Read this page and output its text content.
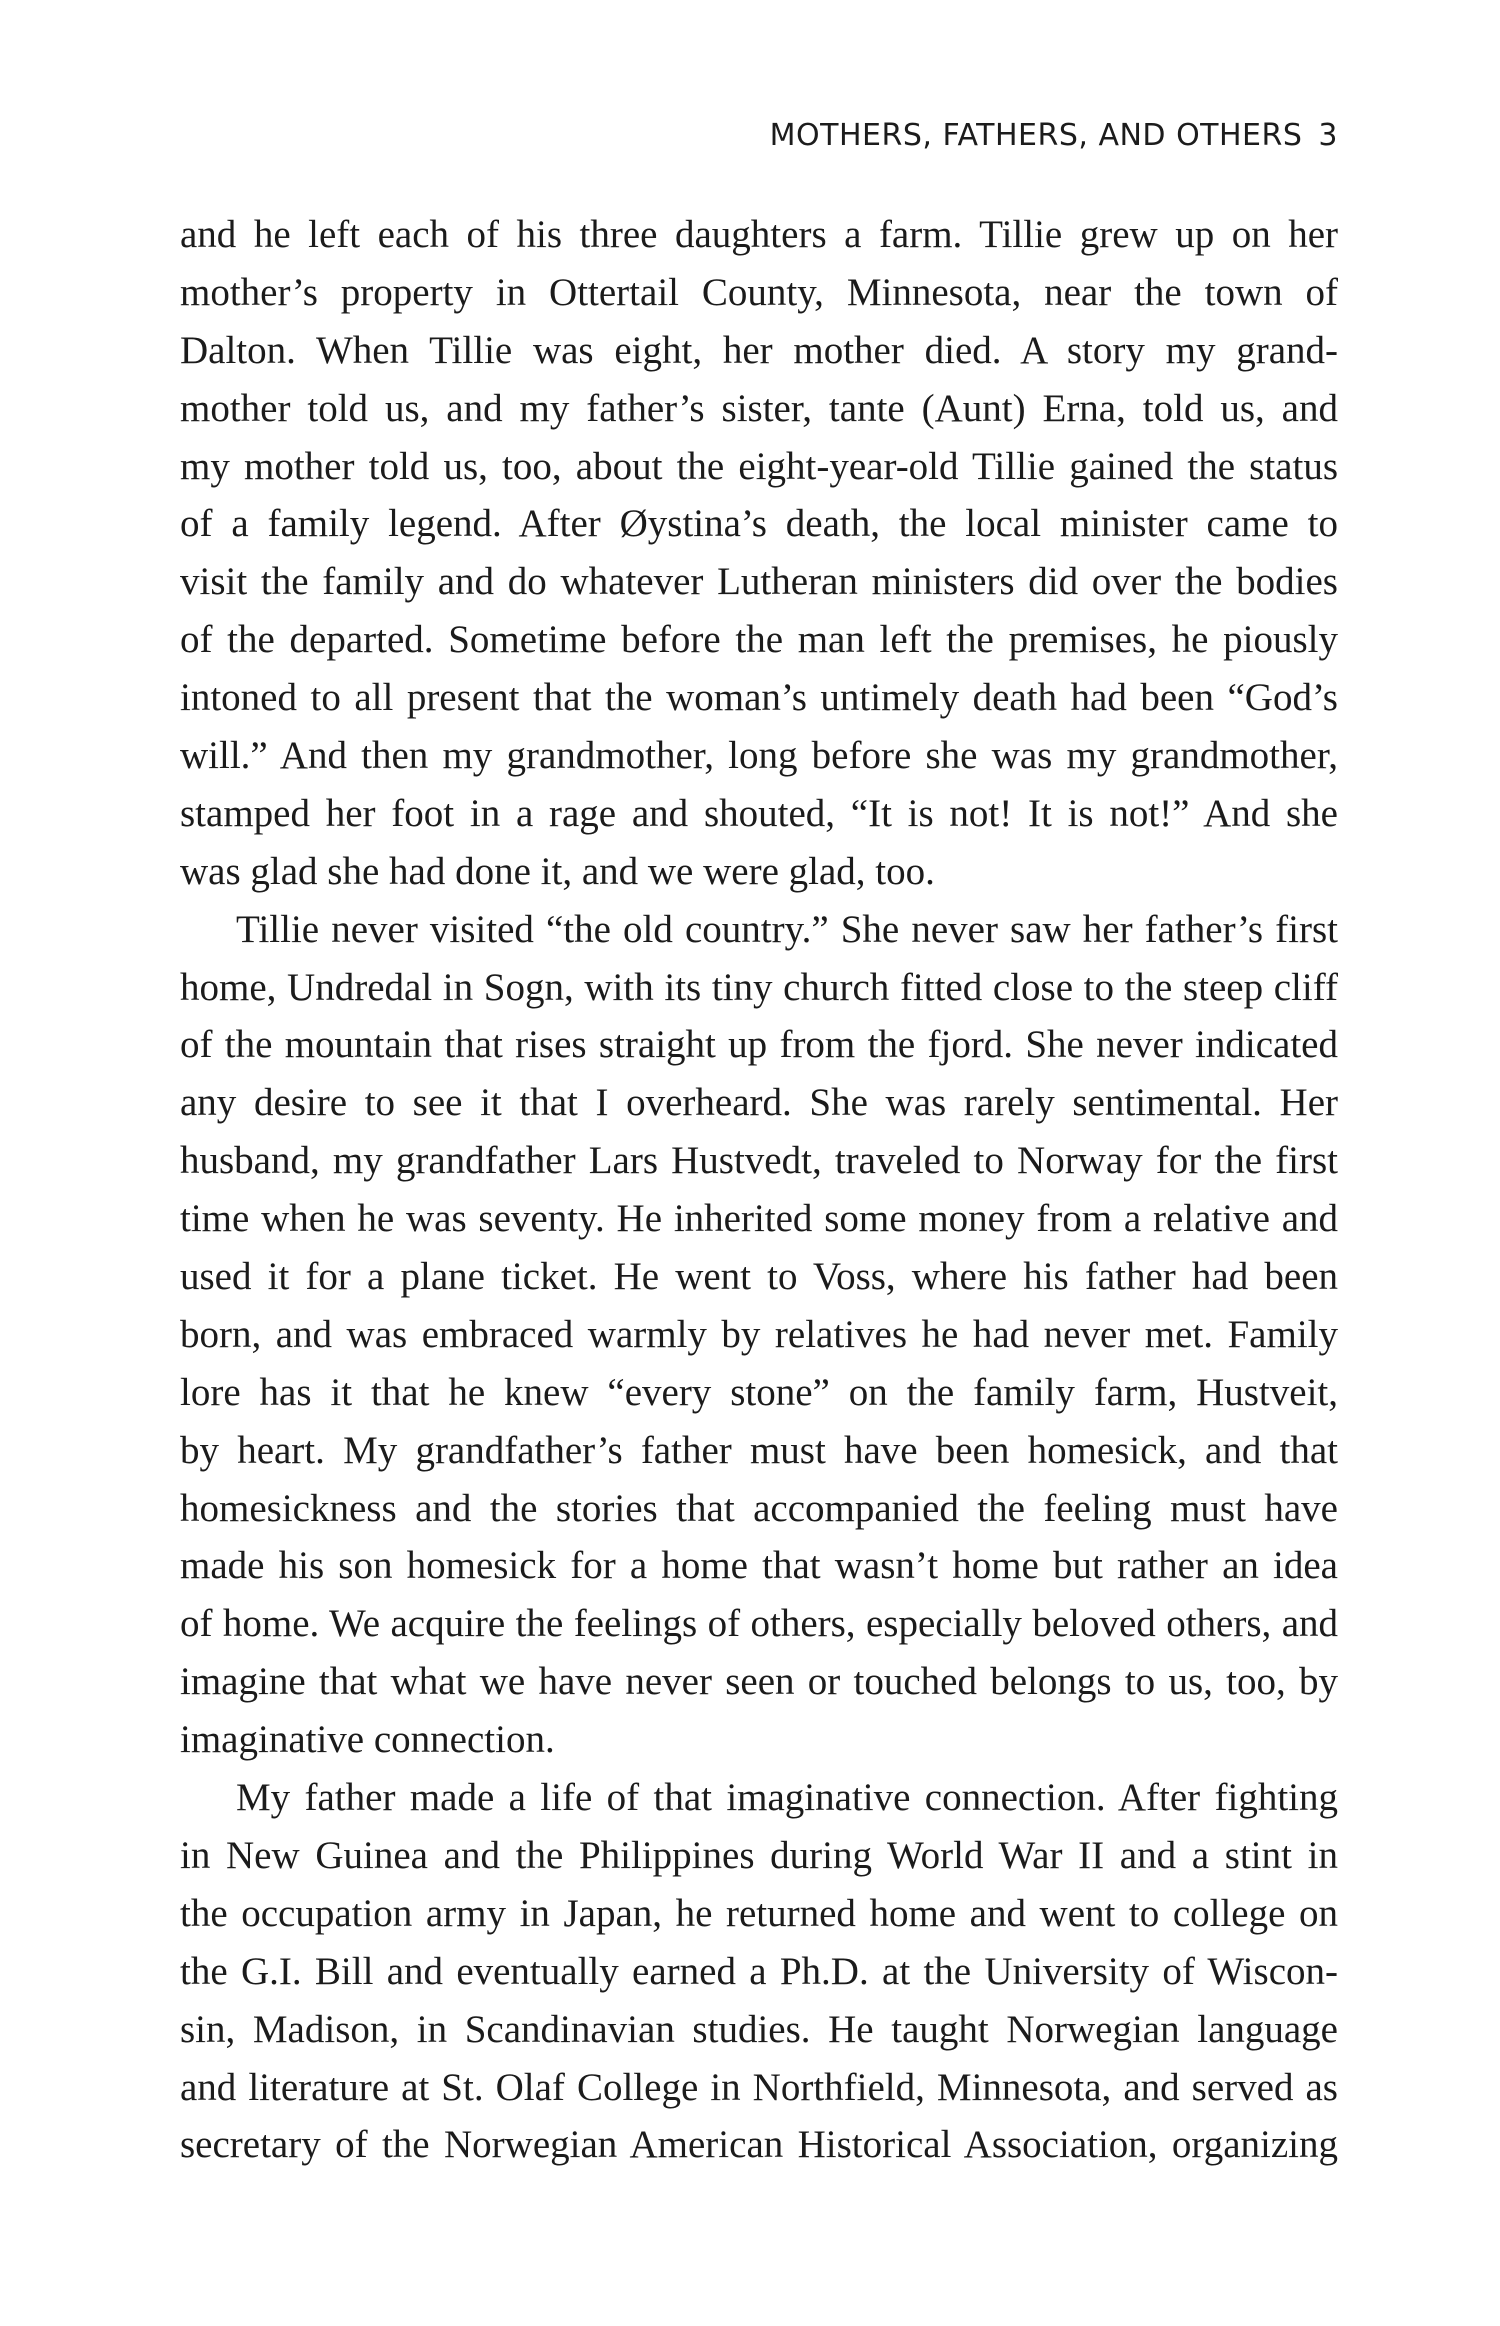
MOTHERS, FATHERS, AND OTHERS 3
and he left each of his three daughters a farm. Tillie grew up on her
mother’s property in Ottertail County, Minnesota, near the town of
Dalton. When Tillie was eight, her mother died. A story my grand-
mother told us, and my father’s sister, tante (Aunt) Erna, told us, and
my mother told us, too, about the eight-year-old Tillie gained the status
of a family legend. After Øystina’s death, the local minister came to
visit the family and do whatever Lutheran ministers did over the bodies
of the departed. Sometime before the man left the premises, he piously
intoned to all present that the woman’s untimely death had been “God’s
will.” And then my grandmother, long before she was my grandmother,
stamped her foot in a rage and shouted, “It is not! It is not!” And she
was glad she had done it, and we were glad, too.
Tillie never visited “the old country.” She never saw her father’s first
home, Undredal in Sogn, with its tiny church fitted close to the steep cliff
of the mountain that rises straight up from the fjord. She never indicated
any desire to see it that I overheard. She was rarely sentimental. Her
husband, my grandfather Lars Hustvedt, traveled to Norway for the first
time when he was seventy. He inherited some money from a relative and
used it for a plane ticket. He went to Voss, where his father had been
born, and was embraced warmly by relatives he had never met. Family
lore has it that he knew “every stone” on the family farm, Hustveit,
by heart. My grandfather’s father must have been homesick, and that
homesickness and the stories that accompanied the feeling must have
made his son homesick for a home that wasn’t home but rather an idea
of home. We acquire the feelings of others, especially beloved others, and
imagine that what we have never seen or touched belongs to us, too, by
imaginative connection.
My father made a life of that imaginative connection. After fighting
in New Guinea and the Philippines during World War II and a stint in
the occupation army in Japan, he returned home and went to college on
the G.I. Bill and eventually earned a Ph.D. at the University of Wiscon-
sin, Madison, in Scandinavian studies. He taught Norwegian language
and literature at St. Olaf College in Northfield, Minnesota, and served as
secretary of the Norwegian American Historical Association, organizing
